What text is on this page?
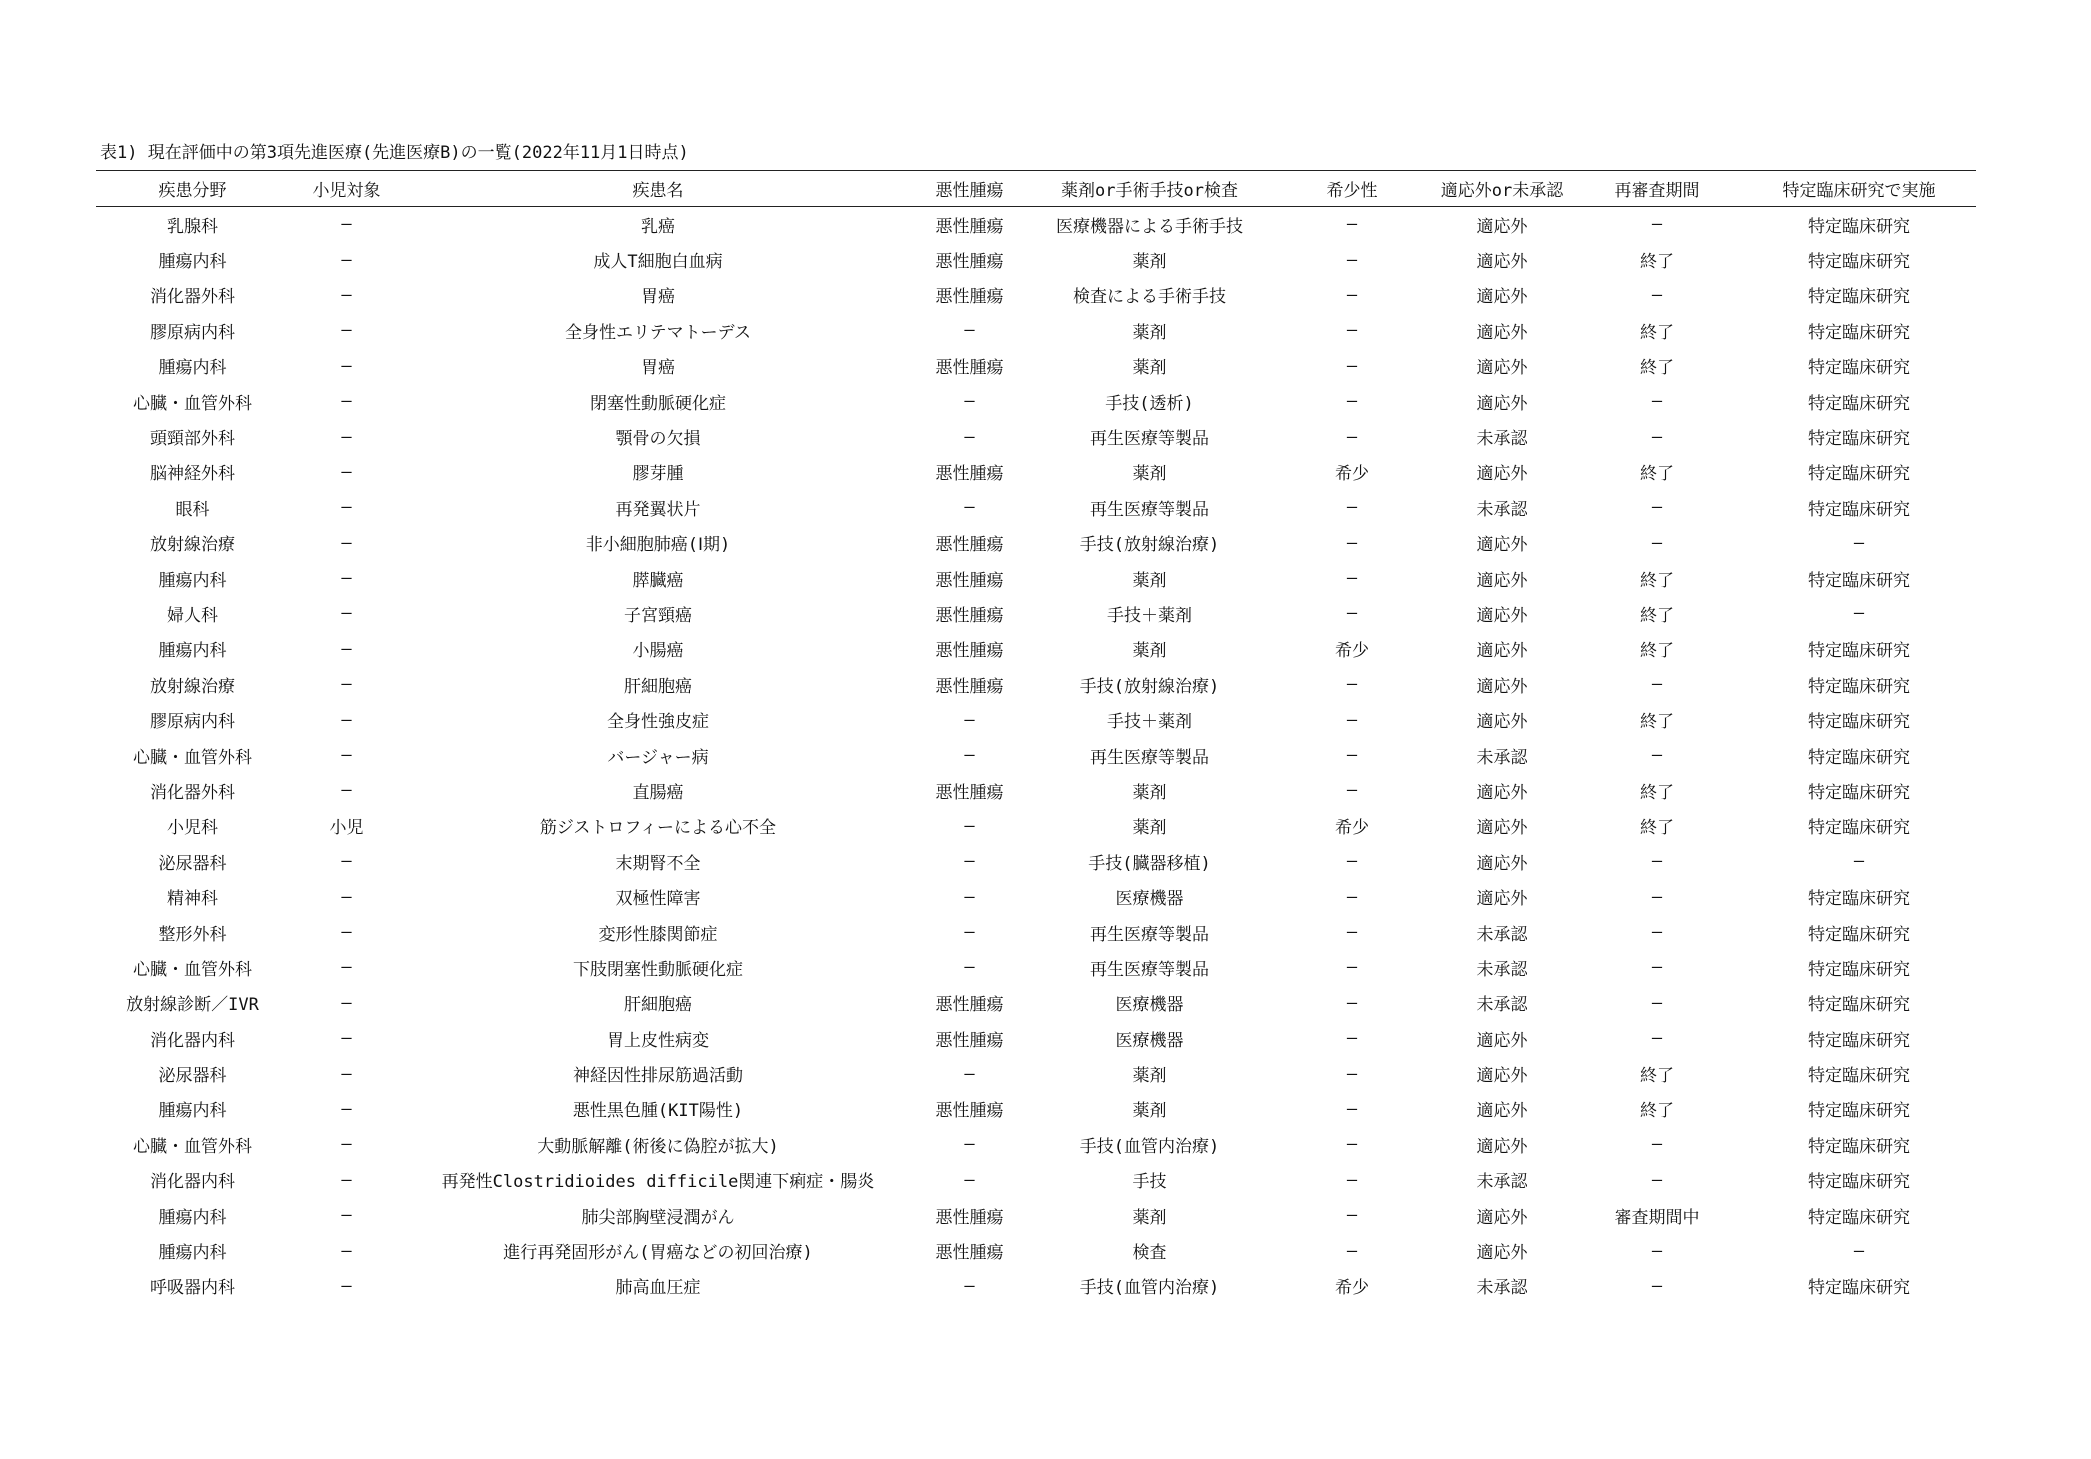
表1) 現在評価中の第3項先進医療(先進医療B)の一覧(2022年11月1日時点)
疾患分野	小児対象	疾患名	悪性腫瘍	薬剤or手術手技or検査	希少性	適応外or未承認	再審査期間	特定臨床研究で実施
乳腺科	—	乳癌	悪性腫瘍	医療機器による手術手技	—	適応外	—	特定臨床研究
腫瘍内科	—	成人T細胞白血病	悪性腫瘍	薬剤	—	適応外	終了	特定臨床研究
消化器外科	—	胃癌	悪性腫瘍	検査による手術手技	—	適応外	—	特定臨床研究
膠原病内科	—	全身性エリテマトーデス	—	薬剤	—	適応外	終了	特定臨床研究
腫瘍内科	—	胃癌	悪性腫瘍	薬剤	—	適応外	終了	特定臨床研究
心臓・血管外科	—	閉塞性動脈硬化症	—	手技(透析)	—	適応外	—	特定臨床研究
頭頸部外科	—	顎骨の欠損	—	再生医療等製品	—	未承認	—	特定臨床研究
脳神経外科	—	膠芽腫	悪性腫瘍	薬剤	希少	適応外	終了	特定臨床研究
眼科	—	再発翼状片	—	再生医療等製品	—	未承認	—	特定臨床研究
放射線治療	—	非小細胞肺癌(Ⅰ期)	悪性腫瘍	手技(放射線治療)	—	適応外	—	—
腫瘍内科	—	膵臓癌	悪性腫瘍	薬剤	—	適応外	終了	特定臨床研究
婦人科	—	子宮頸癌	悪性腫瘍	手技＋薬剤	—	適応外	終了	—
腫瘍内科	—	小腸癌	悪性腫瘍	薬剤	希少	適応外	終了	特定臨床研究
放射線治療	—	肝細胞癌	悪性腫瘍	手技(放射線治療)	—	適応外	—	特定臨床研究
膠原病内科	—	全身性強皮症	—	手技＋薬剤	—	適応外	終了	特定臨床研究
心臓・血管外科	—	バージャー病	—	再生医療等製品	—	未承認	—	特定臨床研究
消化器外科	—	直腸癌	悪性腫瘍	薬剤	—	適応外	終了	特定臨床研究
小児科	小児	筋ジストロフィーによる心不全	—	薬剤	希少	適応外	終了	特定臨床研究
泌尿器科	—	末期腎不全	—	手技(臓器移植)	—	適応外	—	—
精神科	—	双極性障害	—	医療機器	—	適応外	—	特定臨床研究
整形外科	—	変形性膝関節症	—	再生医療等製品	—	未承認	—	特定臨床研究
心臓・血管外科	—	下肢閉塞性動脈硬化症	—	再生医療等製品	—	未承認	—	特定臨床研究
放射線診断／IVR	—	肝細胞癌	悪性腫瘍	医療機器	—	未承認	—	特定臨床研究
消化器内科	—	胃上皮性病変	悪性腫瘍	医療機器	—	適応外	—	特定臨床研究
泌尿器科	—	神経因性排尿筋過活動	—	薬剤	—	適応外	終了	特定臨床研究
腫瘍内科	—	悪性黒色腫(KIT陽性)	悪性腫瘍	薬剤	—	適応外	終了	特定臨床研究
心臓・血管外科	—	大動脈解離(術後に偽腔が拡大)	—	手技(血管内治療)	—	適応外	—	特定臨床研究
消化器内科	—	再発性Clostridioides difficile関連下痢症・腸炎	—	手技	—	未承認	—	特定臨床研究
腫瘍内科	—	肺尖部胸壁浸潤がん	悪性腫瘍	薬剤	—	適応外	審査期間中	特定臨床研究
腫瘍内科	—	進行再発固形がん(胃癌などの初回治療)	悪性腫瘍	検査	—	適応外	—	—
呼吸器内科	—	肺高血圧症	—	手技(血管内治療)	希少	未承認	—	特定臨床研究
